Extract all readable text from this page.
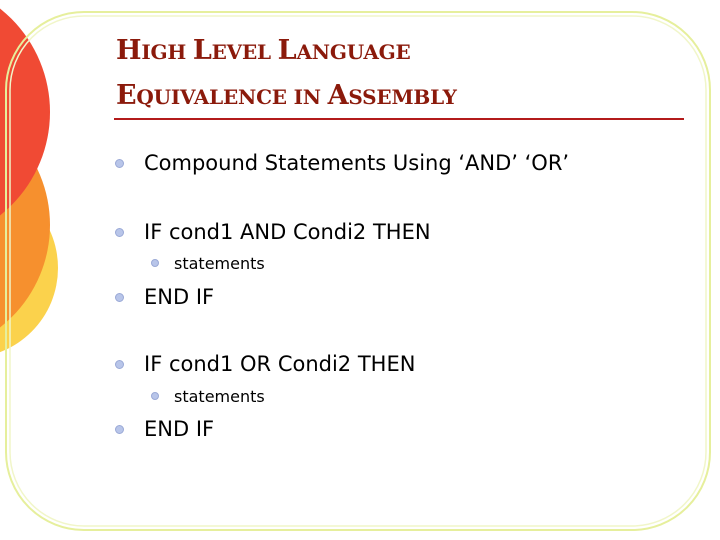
HIGH LEVEL LANGUAGE
EQUIVALENCE IN ASSEMBLY
Compound Statements Using ‘AND’ ‘OR’
IF cond1 AND Condi2 THEN
statements
END IF
IF cond1 OR Condi2 THEN
statements
END IF
